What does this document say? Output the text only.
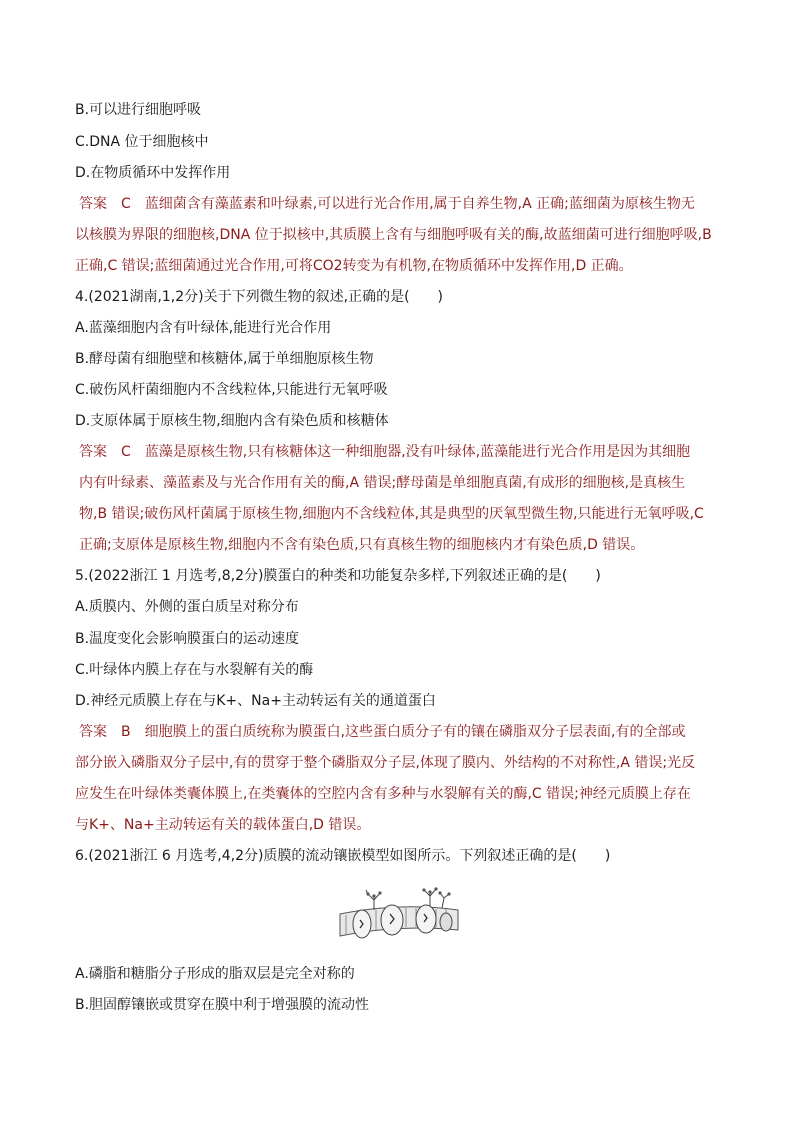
B.可以进行细胞呼吸
C.DNA 位于细胞核中
D.在物质循环中发挥作用
答案 C 蓝细菌含有藻蓝素和叶绿素,可以进行光合作用,属于自养生物,A 正确;蓝细菌为原核生物无
以核膜为界限的细胞核,DNA 位于拟核中,其质膜上含有与细胞呼吸有关的酶,故蓝细菌可进行细胞呼吸,B
正确,C 错误;蓝细菌通过光合作用,可将CO2转变为有机物,在物质循环中发挥作用,D 正确。
4.(2021湖南,1,2分)关于下列微生物的叙述,正确的是(　　)
A.蓝藻细胞内含有叶绿体,能进行光合作用
B.酵母菌有细胞壁和核糖体,属于单细胞原核生物
C.破伤风杆菌细胞内不含线粒体,只能进行无氧呼吸
D.支原体属于原核生物,细胞内含有染色质和核糖体
答案 C 蓝藻是原核生物,只有核糖体这一种细胞器,没有叶绿体,蓝藻能进行光合作用是因为其细胞
内有叶绿素、藻蓝素及与光合作用有关的酶,A 错误;酵母菌是单细胞真菌,有成形的细胞核,是真核生
物,B 错误;破伤风杆菌属于原核生物,细胞内不含线粒体,其是典型的厌氧型微生物,只能进行无氧呼吸,C
正确;支原体是原核生物,细胞内不含有染色质,只有真核生物的细胞核内才有染色质,D 错误。
5.(2022浙江 1 月选考,8,2分)膜蛋白的种类和功能复杂多样,下列叙述正确的是(　　)
A.质膜内、外侧的蛋白质呈对称分布
B.温度变化会影响膜蛋白的运动速度
C.叶绿体内膜上存在与水裂解有关的酶
D.神经元质膜上存在与K+、Na+主动转运有关的通道蛋白
答案 B 细胞膜上的蛋白质统称为膜蛋白,这些蛋白质分子有的镶在磷脂双分子层表面,有的全部或
部分嵌入磷脂双分子层中,有的贯穿于整个磷脂双分子层,体现了膜内、外结构的不对称性,A 错误;光反
应发生在叶绿体类囊体膜上,在类囊体的空腔内含有多种与水裂解有关的酶,C 错误;神经元质膜上存在
与K+、Na+主动转运有关的载体蛋白,D 错误。
6.(2021浙江 6 月选考,4,2分)质膜的流动镶嵌模型如图所示。下列叙述正确的是(　　)
A.磷脂和糖脂分子形成的脂双层是完全对称的
B.胆固醇镶嵌或贯穿在膜中利于增强膜的流动性
